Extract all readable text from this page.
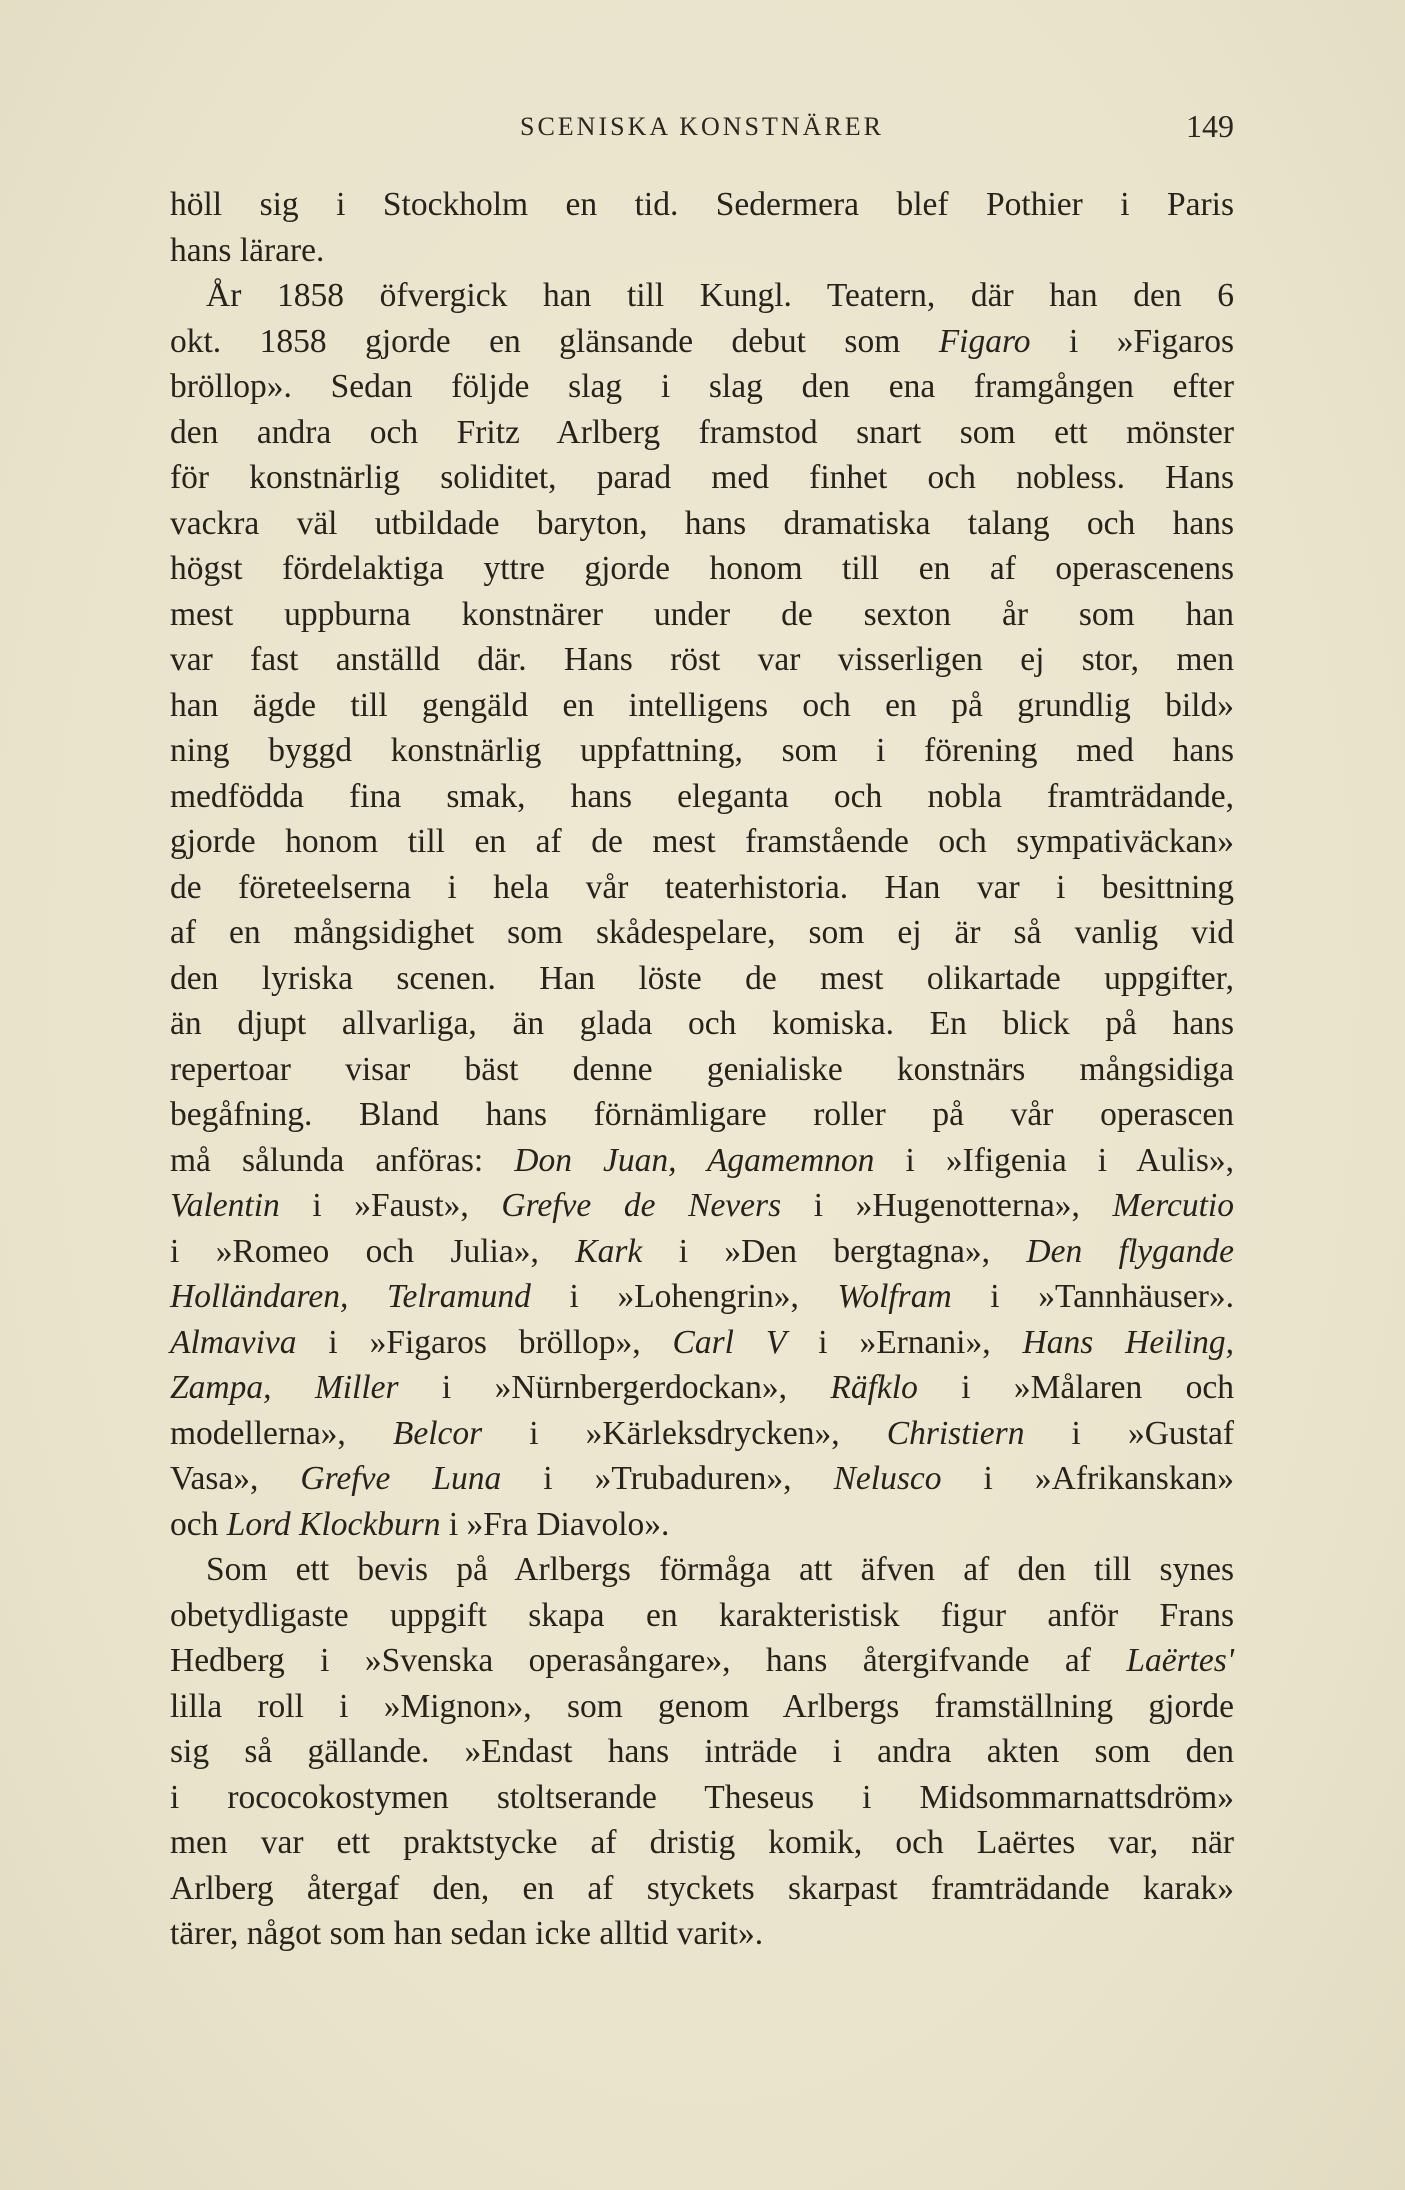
SCENISKA KONSTNÄRER	149
höll sig i Stockholm en tid. Sedermera blef Pothier i Paris
hans lärare.
År 1858 öfvergick han till Kungl. Teatern, där han den 6
okt. 1858 gjorde en glänsande debut som Figaro i »Figaros
bröllop». Sedan följde slag i slag den ena framgången efter
den andra och Fritz Arlberg framstod snart som ett mönster
för konstnärlig soliditet, parad med finhet och nobless. Hans
vackra väl utbildade baryton, hans dramatiska talang och hans
högst fördelaktiga yttre gjorde honom till en af operascenens
mest uppburna konstnärer under de sexton år som han
var fast anställd där. Hans röst var visserligen ej stor, men
han ägde till gengäld en intelligens och en på grundlig bild»
ning byggd konstnärlig uppfattning, som i förening med hans
medfödda fina smak, hans eleganta och nobla framträdande,
gjorde honom till en af de mest framstående och sympativäckan»
de företeelserna i hela vår teaterhistoria. Han var i besittning
af en mångsidighet som skådespelare, som ej är så vanlig vid
den lyriska scenen. Han löste de mest olikartade uppgifter,
än djupt allvarliga, än glada och komiska. En blick på hans
repertoar visar bäst denne genialiske konstnärs mångsidiga
begåfning. Bland hans förnämligare roller på vår operascen
må sålunda anföras: Don Juan, Agamemnon i »Ifigenia i Aulis»,
Valentin i »Faust», Grefve de Nevers i »Hugenotterna», Mercutio
i »Romeo och Julia», Kark i »Den bergtagna», Den flygande
Holländaren, Telramund i »Lohengrin», Wolfram i »Tannhäuser».
Almaviva i »Figaros bröllop», Carl V i »Ernani», Hans Heiling,
Zampa, Miller i »Nürnbergerdockan», Räfklo i »Målaren och
modellerna», Belcor i »Kärleksdrycken», Christiern i »Gustaf
Vasa», Grefve Luna i »Trubaduren», Nelusco i »Afrikanskan»
och Lord Klockburn i »Fra Diavolo».
Som ett bevis på Arlbergs förmåga att äfven af den till synes
obetydligaste uppgift skapa en karakteristisk figur anför Frans
Hedberg i »Svenska operasångare», hans återgifvande af Laërtes'
lilla roll i »Mignon», som genom Arlbergs framställning gjorde
sig så gällande. »Endast hans inträde i andra akten som den
i rococokostymen stoltserande Theseus i Midsommarnattsdröm»
men var ett praktstycke af dristig komik, och Laërtes var, när
Arlberg återgaf den, en af styckets skarpast framträdande karak»
tärer, något som han sedan icke alltid varit».
